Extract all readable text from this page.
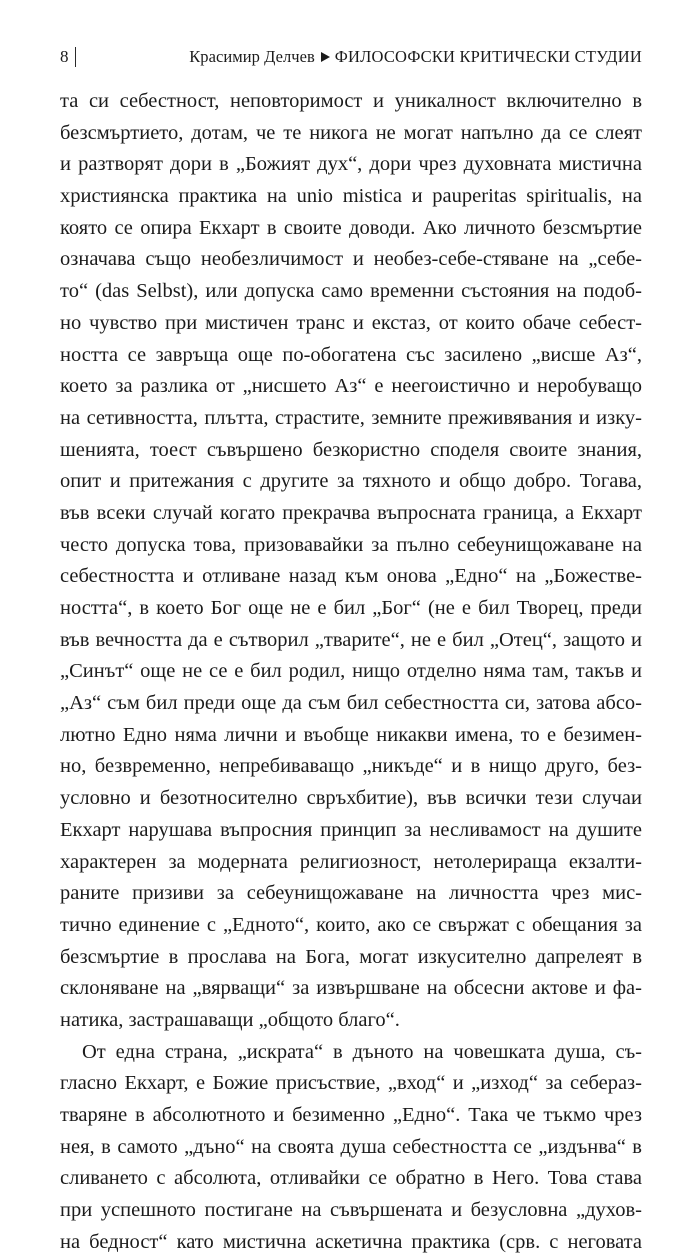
8	Красимир Делчев ФИЛОСОФСКИ КРИТИЧЕСКИ СТУДИИ
та си себестност, неповторимост и уникалност включително в
безсмъртието, дотам, че те никога не могат напълно да се слеят
и разтворят дори в „Божият дух“, дори чрез духовната мистична
християнска практика на unio mistica и pauperitas spiritualis, на
която се опира Екхарт в своите доводи. Ако личното безсмъртие
означава също необезличимост и необез-себе-стяване на „себе-
то“ (das Selbst), или допуска само временни състояния на подоб-
но чувство при мистичен транс и екстаз, от които обаче себест-
ността се завръща още по-обогатена със засилено „висше Аз“,
което за разлика от „нисшето Аз“ е неегоистично и неробуващо
на сетивността, плътта, страстите, земните преживявания и изку-
шенията, тоест съвършено безкористно споделя своите знания,
опит и притежания с другите за тяхното и общо добро. Тогава,
във всеки случай когато прекрачва въпросната граница, а Екхарт
често допуска това, призовавайки за пълно себеунищожаване на
себестността и отливане назад към онова „Едно“ на „Божестве-
ността“, в което Бог още не е бил „Бог“ (не е бил Творец, преди
във вечността да е сътворил „тварите“, не е бил „Отец“, защото и
„Синът“ още не се е бил родил, нищо отделно няма там, такъв и
„Аз“ съм бил преди още да съм бил себестността си, затова абсо-
лютно Едно няма лични и въобще никакви имена, то е безимен-
но, безвременно, непребиваващо „никъде“ и в нищо друго, без-
условно и безотносително свръхбитие), във всички тези случаи
Екхарт нарушава въпросния принцип за несливамост на душите
характерен за модерната религиозност, нетолерираща екзалти-
раните призиви за себеунищожаване на личността чрез мис-
тично единение с „Едното“, които, ако се свържат с обещания за
безсмъртие в прослава на Бога, могат изкусително дапрелеят в
склоняване на „вярващи“ за извършване на обсесни актове и фа-
натика, застрашаващи „общото благо“.
От една страна, „искрата“ в дъното на човешката душа, съ-
гласно Екхарт, е Божие присъствие, „вход“ и „изход“ за себераз-
тваряне в абсолютното и безименно „Едно“. Така че тъкмо чрез
нея, в самото „дъно“ на своята душа себестността се „издънва“ в
сливането с абсолюта, отливайки се обратно в Него. Това става
при успешното постигане на съвършената и безусловна „духов-
на бедност“ като мистична аскетична практика (срв. с неговата
